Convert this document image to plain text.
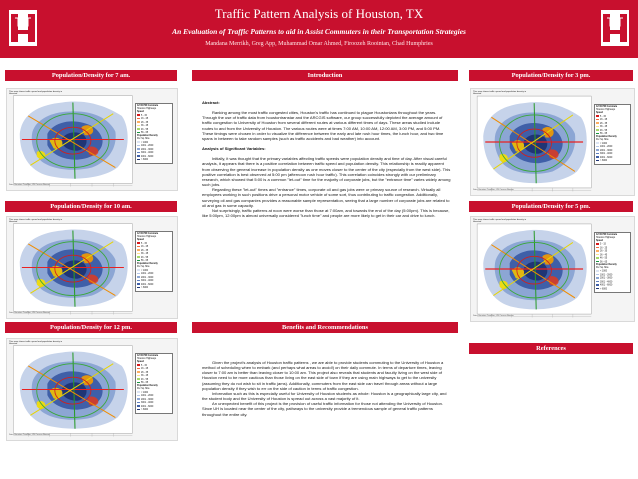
Traffic Pattern Analysis of Houston, TX
An Evaluation of Traffic Patterns to aid in Assist Commuters in their Transportation Strategies
Mandana Merrikh, Greg App, Muhammad Omar Ahmed, Firoozeh Roointan, Chad Humphries
Population/Density for 7 am.	Introduction	Population/Density for 3 pm.
Population/Density for 10 am.	Population/Density for 5 pm.
Population/Density for 12 pm.	Benefits and Recommendations
References
This map shows traffic speed and population density in Houston.
12:00 PM Commute
Houston Highways
Speed
5 - 15
16 - 25
26 - 35
36 - 45
46 - 55
56 - 65
Population Density
Per Sq. Mile
< 1000
1001 - 2000
2001 - 3000
3001 - 4000
4001 - 6000
> 6000
Data: Houston TranStar; US Census Bureau
This map shows traffic speed and population density in Houston.
12:00 PM Commute
Houston Highways
Speed
5 - 15
16 - 25
26 - 35
36 - 45
46 - 55
56 - 65
Population Density
Per Sq. Mile
< 1000
1001 - 2000
2001 - 3000
3001 - 4000
4001 - 6000
> 6000
Data: Houston TranStar; US Census Bureau
This map shows traffic speed and population density in Houston.
12:00 PM Commute
Houston Highways
Speed
5 - 15
16 - 25
26 - 35
36 - 45
46 - 55
56 - 65
Population Density
Per Sq. Mile
< 1000
1001 - 2000
2001 - 3000
3001 - 4000
4001 - 6000
> 6000
Data: Houston TranStar; US Census Bureau
This map shows traffic speed and population density in Houston.
12:00 PM Commute
Houston Highways
Speed
5 - 15
16 - 25
26 - 35
36 - 45
46 - 55
56 - 65
Population Density
Per Sq. Mile
< 1000
1001 - 2000
2001 - 3000
3001 - 4000
4001 - 6000
> 6000
Data: Houston TranStar; US Census Bureau
This map shows traffic speed and population density in Houston.
12:00 PM Commute
Houston Highways
Speed
5 - 15
16 - 25
26 - 35
36 - 45
46 - 55
56 - 65
Population Density
Per Sq. Mile
< 1000
1001 - 2000
2001 - 3000
3001 - 4000
4001 - 6000
> 6000
Data: Houston TranStar; US Census Bureau

Abstract:

Ranking among the most traffic congested cities, Houston's traffic has continued to plague Houstonians throughout the years. Through the use of traffic data from houstontranstar and the ARCGIS software, our group successfully depicted the average amount of traffic congestion to University of Houston from several different routes at various different times of days. These areas studied include routes to and from the University of Houston. The various routes were at times 7:00 AM, 10:00 AM, 12:00 AM, 3:00 PM, and 5:00 PM. These timings were chosen in order to visualize the difference between the early and late rush hour times, the lunch hour, and two time spans in between to take random samples (such as traffic accidents and bad weather) into account.

Analysis of Significant Variables:

Initially, it was thought that the primary variables affecting traffic speeds were population density and time of day. After visual careful analysis, it appears that there is a positive correlation between traffic speed and population density. This relationship is readily apparent from observing the general increase in population density as one moves closer to the center of the city (especially from the west side). This positive correlation is best observed at 5:00 pm (afternoon rush hour traffic). This correlation coincides strongly with our preliminary research, which showed that 5:00 is a common "let-out" time for the majority of corporate jobs, but the "entrance time" varies widely among such jobs.

Regarding these "let-out" times and "entrance" times, corporate oil and gas jobs were or primary source of research. Virtually all employees working in such positions drive a personal motor vehicle of some sort, thus contributing to traffic congestion. Additionally, surveying oil and gas companies provides a reasonable sample representation, seeing that a large number of corporate jobs are related to oil and gas in some capacity.

Not surprisingly, traffic patterns at noon were worse than those at 7:00am, and towards the end of the day (5:00pm). This is because, like 5:00pm, 12:00pm is almost universally considered "lunch time" and people are more likely to get in their car and drive to lunch.

Given the project's analysis of Houston traffic patterns , we are able to provide students commuting to the University of Houston a method of scheduling when to embark (and perhaps what areas to avoid!) on their daily commute. In terms of departure times, leaving closer to 7:00 am is better than leaving closer to 10:00 am. This project also reveals that students and faculty living on the west side of Houston need to be more cautious than those living on the east side of town if they are using main highways to get to the university (assuming they do not wish to sit in traffic jams). Additionally, commuters from the east side can travel through areas without a large population density if they wish to err on the side of caution in terms of traffic congestion.

Information such as this is especially useful for University of Houston students as whole: Houston is a geographically large city, and the student body and the University of Houston is spread out across a vast majority of it.

An unexpected benefit of this project is the provision of useful traffic information for those not attending the University of Houston. Since UH is located near the center of the city, pathways to the university provide a tremendous sample of general traffic patterns throughout the entire city.
